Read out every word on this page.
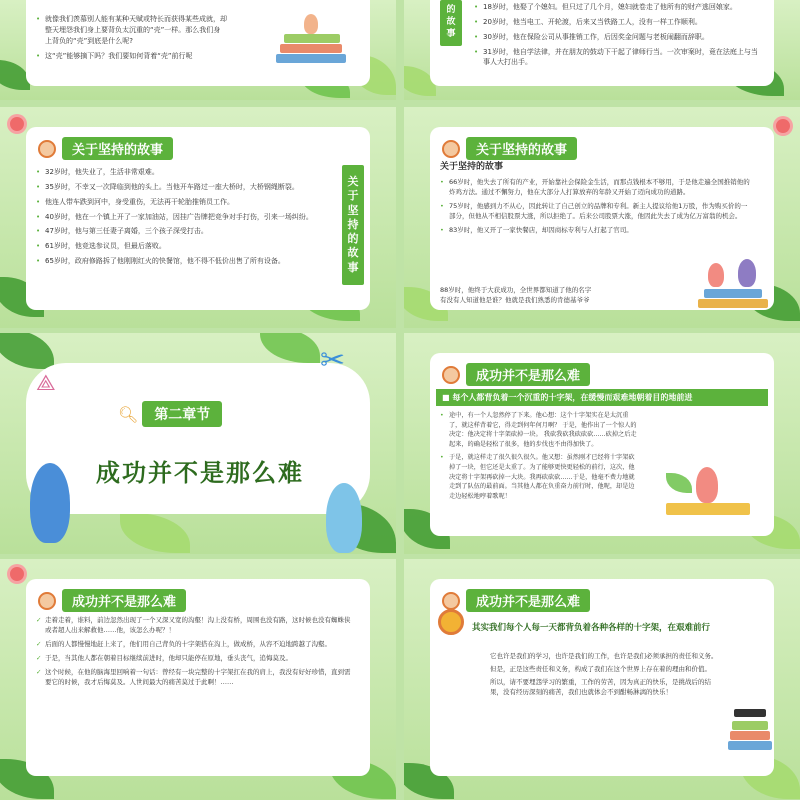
• 就像我们羡慕别人能有某种天赋或特长而获得某些成就，却
整天埋怨我们身上要背负太沉重的“壳”一样。那么我们身
上背负的“壳”到底是什么呢?
• 这“壳”能够摘下吗？我们要如何背着“壳”前行呢
的
故
事
• 18岁时，他娶了个媳妇。但只过了几个月，媳妇就卷走了他所有的财产逃回娘家。
• 20岁时，他当电工、开轮渡，后来又当铁路工人，没有一样工作顺利。
• 30岁时，他在保险公司从事推销工作，后因奖金问题与老板闹翻而辞职。
• 31岁时，他自学法律，并在朋友的鼓动下干起了律师行当。一次审案时，竟在法庭上与当事人大打出手。
关于坚持的故事
• 32岁时，他失业了，生活非常艰难。
• 35岁时，不幸又一次降临到他的头上。当他开车路过一座大桥时，大桥钢绳断裂。
• 他连人带车跌到河中，身受重伤，无法再干轮胎推销员工作。
• 40岁时，他在一个镇上开了一家加油站，因挂广告牌把竞争对手打伤，引来一场纠纷。
• 47岁时，他与第三任妻子离婚，三个孩子深受打击。
• 61岁时，他竞选参议员，但最后落败。
• 65岁时，政府修路拆了他刚刚红火的快餐馆，他不得不低价出售了所有设备。
关
于
坚
持
的
故
事
关于坚持的故事
关于坚持的故事
• 66岁时，他失去了所有的产业，开始靠社会保险金生活，而那点钱根本不够用，于是他走遍全国推销他的炸鸡方法。通过不懈努力，他在大部分人打算放弃的年龄又开始了迈向成功的道路。
• 75岁时，他感到力不从心，因此转让了自己创立的品牌和专利。新主人提议给他1万股，作为购买价的一部分，但他从不相信股票大涨，所以拒绝了。后来公司股票大涨，他因此失去了成为亿万富翁的机会。
• 83岁时，他又开了一家快餐店，却因商标专利与人打起了官司。
88岁时，他终于大获成功，全世界都知道了他的名字
有没有人知道他是谁？他就是我们熟悉的肯德基爷爷
✂
⟁
🔍︎	第二章节
成功并不是那么难
成功并不是那么难
■ 每个人都背负着一个沉重的十字架，在缓慢而艰难地朝着目的地前进
• 途中，有一个人忽然停了下来。他心想：这个十字架实在是太沉重了，就这样背着它，得走到何年何月啊？ 于是，他作出了一个惊人的决定：他决定将十字架砍掉一块。 我砍我砍我砍砍砍……砍掉之后走起来，的确是轻松了很多，他的步伐也不由得加快了。
• 于是，就这样走了很久很久很久。他又想：虽然刚才已经将十字架砍掉了一块，但它还是太重了。为了能够更快更轻松的前行，这次，他决定将十字架再砍掉一大块。我再砍砍砍……于是，他毫不费力地就走到了队伍的最前面。当其他人都在负重奋力前行时，他呢，却是边走边轻松地哼着歌呢！
成功并不是那么难
✓ 走着走着，谁料，前边忽然出现了一个又深又宽的沟壑！沟上没有桥，周围也没有路，这时候也没有蜘蛛侠或者超人出来解救他……他，该怎么办呢？！
✓ 后面的人都慢慢地赶上来了，他们用自己背负的十字架搭在沟上，做成桥，从容不迫地跨越了沟壑。
✓ 于是，当其他人都在朝着目标继续前进时，他却只能停在原地，垂头丧气，追悔莫及。
✓ 这个时候，在他的脑海里回响着一句话：曾经有一块完整的十字架扛在我的肩上，我没有好好珍惜，直到需要它的时候，我才后悔莫及。人世间最大的痛苦莫过于此啊！……
成功并不是那么难
其实我们每个人每一天都背负着各种各样的十字架，在艰难前行

它也许是我们的学习，也许是我们的工作，也许是我们必须承担的责任和义务。

但是，正是这些责任和义务，构成了我们在这个世界上存在着的理由和价值。

所以，请不要埋怨学习的繁重，工作的劳苦，因为真正的快乐，是挑战后的结果，没有经历深刻的痛苦，我们也就体会不到酣畅淋漓的快乐！
